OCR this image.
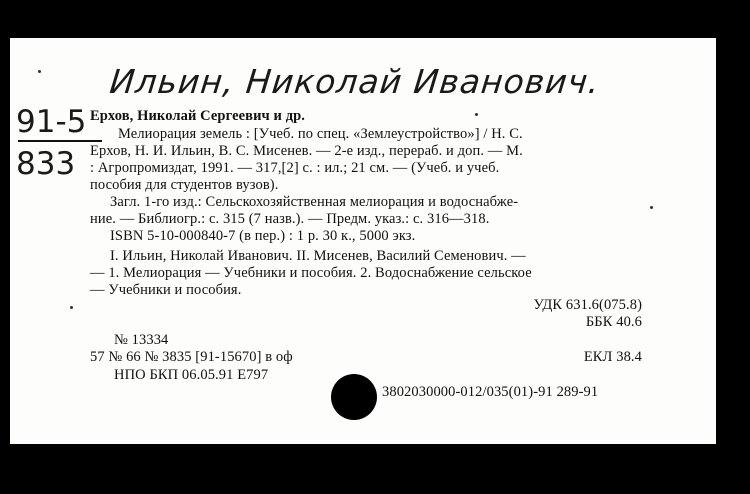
Ильин, Николай Иванович.
91-5
833
Ерхов, Николай Сергеевич и др.
Мелиорация земель : [Учеб. по спец. «Землеустройство»] / Н. С.
Ерхов, Н. И. Ильин, В. С. Мисенев. — 2-е изд., перераб. и доп. — М.
: Агропромиздат, 1991. — 317,[2] с. : ил.; 21 см. — (Учеб. и учеб.
пособия для студентов вузов).
Загл. 1-го изд.: Сельскохозяйственная мелиорация и водоснабже-
ние. — Библиогр.: с. 315 (7 назв.). — Предм. указ.: с. 316—318.
ISBN 5-10-000840-7 (в пер.) : 1 р. 30 к., 5000 экз.
I. Ильин, Николай Иванович. II. Мисенев, Василий Семенович. —
— 1. Мелиорация — Учебники и пособия. 2. Водоснабжение сельское
— Учебники и пособия.
УДК 631.6(075.8)
ББК 40.6
№ 13334
57 № 66 № 3835 [91-15670] в оф	ЕКЛ 38.4
НПО БКП 06.05.91 Е797
3802030000-012/035(01)-91 289-91
